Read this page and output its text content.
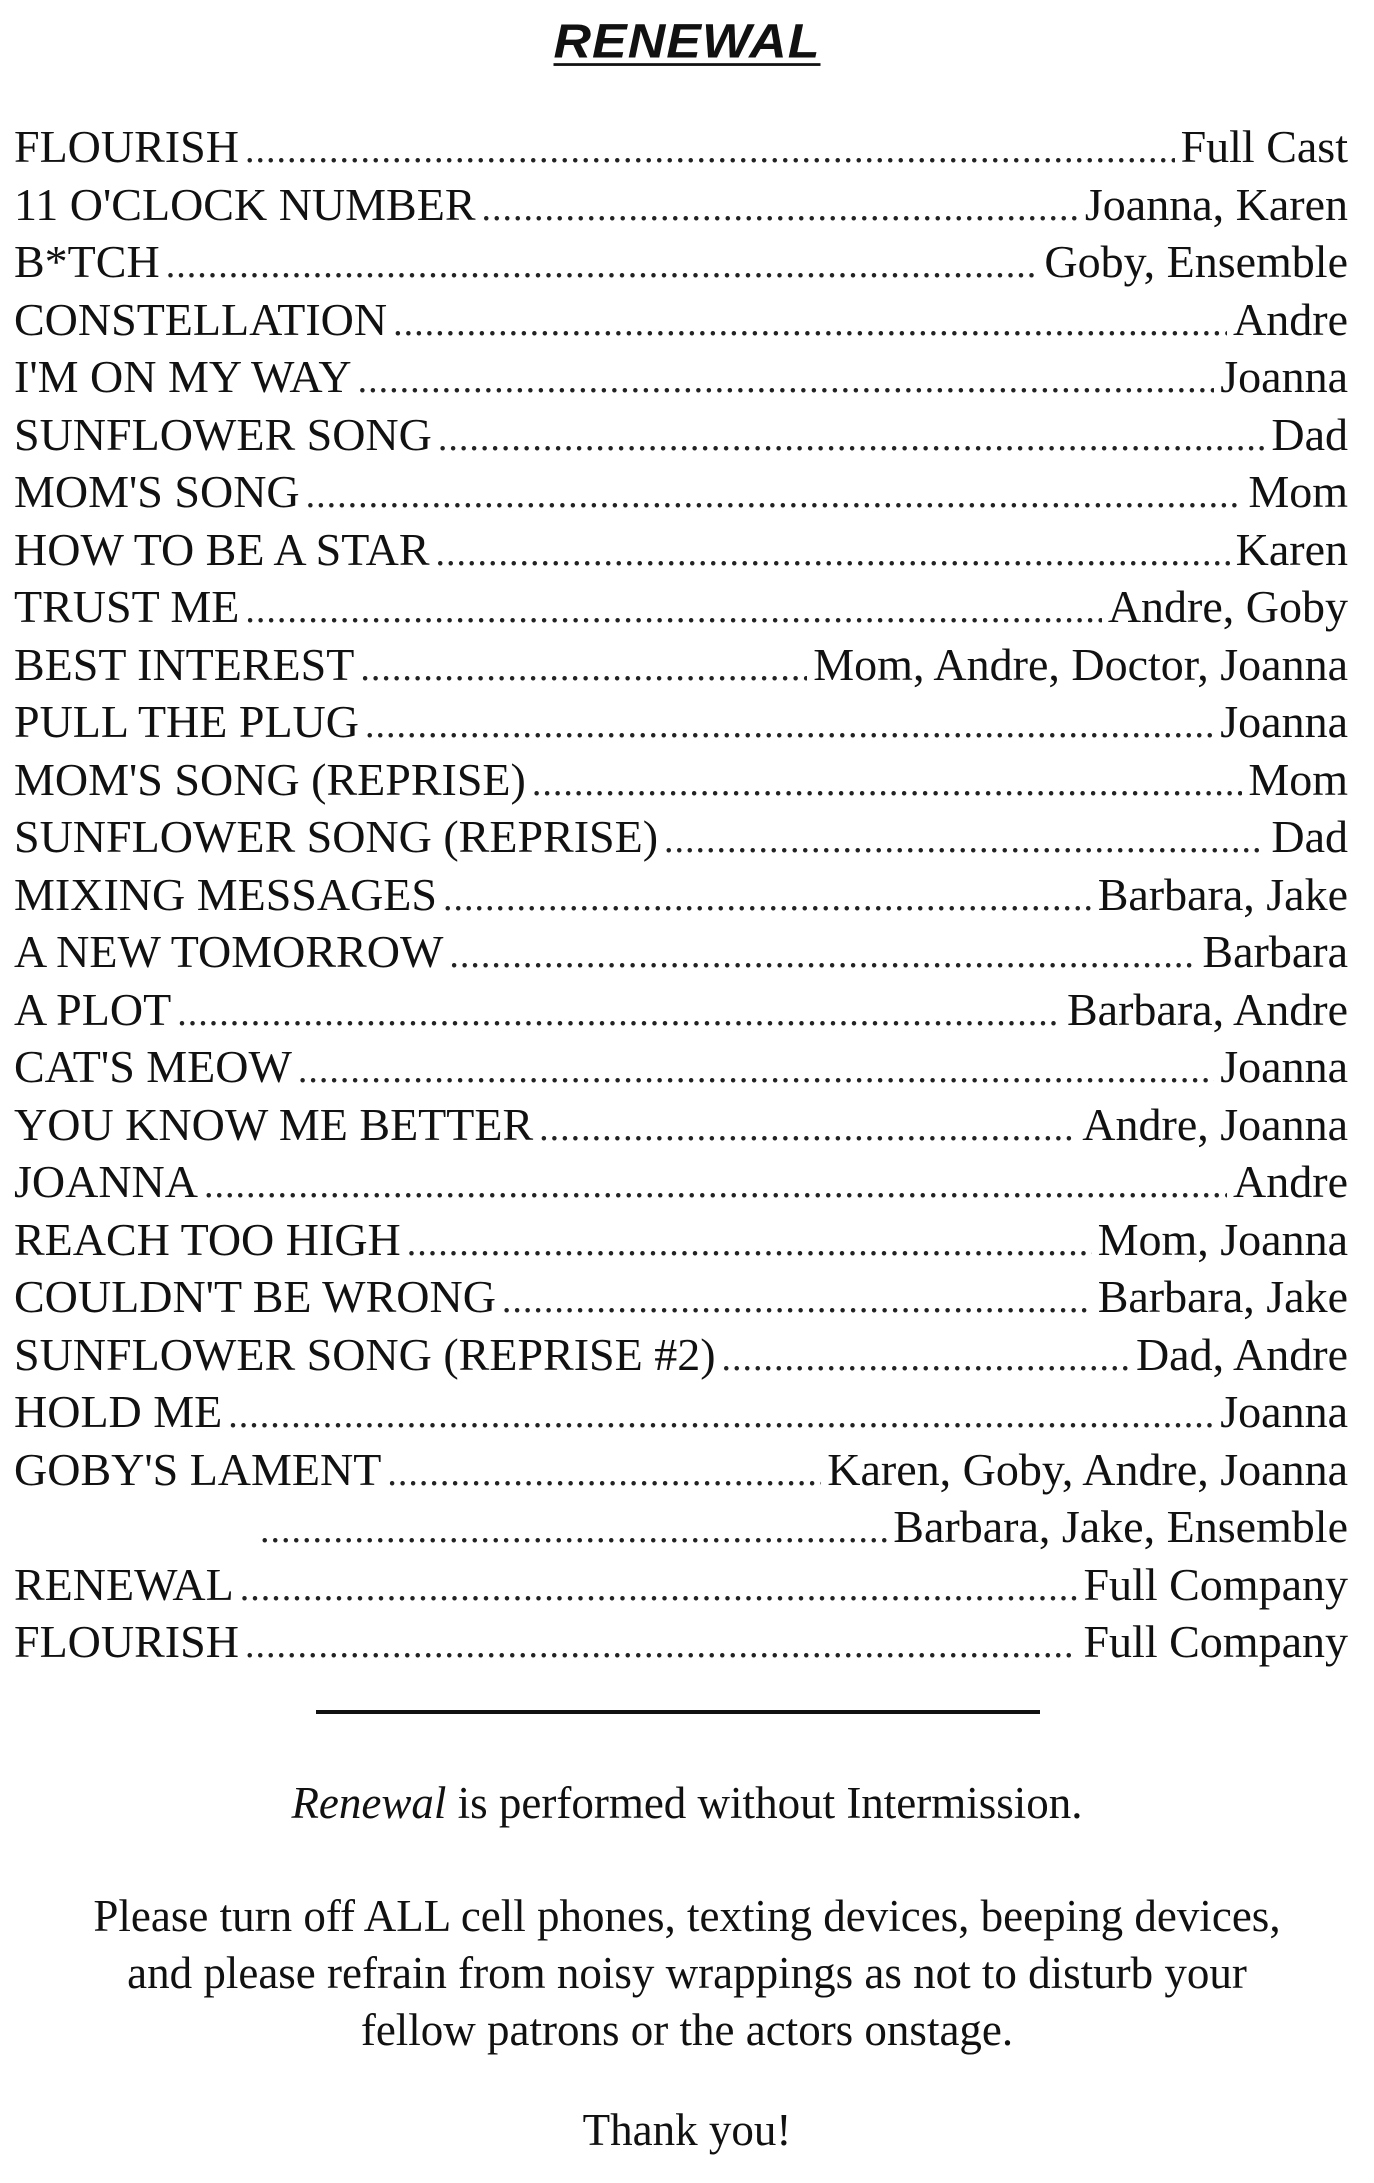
RENEWAL
FLOURISH .....	Full Cast
11 O'CLOCK NUMBER .....	Joanna, Karen
B*TCH .....	Goby, Ensemble
CONSTELLATION .....	Andre
I'M ON MY WAY .....	Joanna
SUNFLOWER SONG .....	Dad
MOM'S SONG .....	Mom
HOW TO BE A STAR .....	Karen
TRUST ME .....	Andre, Goby
BEST INTEREST .....	Mom, Andre, Doctor, Joanna
PULL THE PLUG .....	Joanna
MOM'S SONG (REPRISE) .....	Mom
SUNFLOWER SONG (REPRISE) .....	Dad
MIXING MESSAGES .....	Barbara, Jake
A NEW TOMORROW .....	Barbara
A PLOT .....	Barbara, Andre
CAT'S MEOW .....	Joanna
YOU KNOW ME BETTER .....	Andre, Joanna
JOANNA .....	Andre
REACH TOO HIGH .....	Mom, Joanna
COULDN'T BE WRONG .....	Barbara, Jake
SUNFLOWER SONG (REPRISE #2) .....	Dad, Andre
HOLD ME .....	Joanna
GOBY'S LAMENT .....	Karen, Goby, Andre, Joanna
.....
Barbara, Jake, Ensemble
RENEWAL .....	Full Company
FLOURISH .....	Full Company
Renewal is performed without Intermission.
Please turn off ALL cell phones, texting devices, beeping devices,
and please refrain from noisy wrappings as not to disturb your
fellow patrons or the actors onstage.
Thank you!
